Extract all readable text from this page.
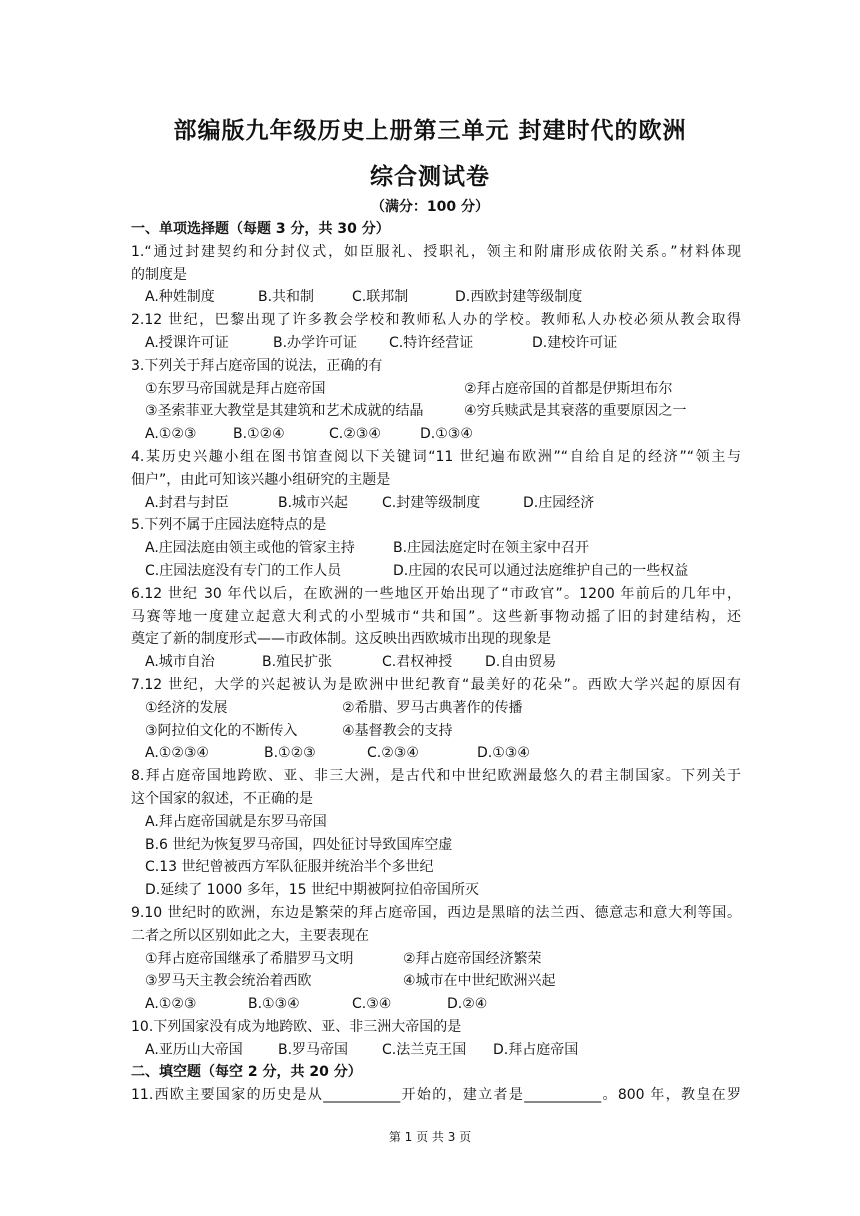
部编版九年级历史上册第三单元 封建时代的欧洲
综合测试卷
（满分：100 分）
一、单项选择题（每题 3 分，共 30 分）
1.“通过封建契约和分封仪式，如臣服礼、授职礼，领主和附庸形成依附关系。”材料体现
的制度是
A.种姓制度	B.共和制	C.联邦制	D.西欧封建等级制度
2.12 世纪，巴黎出现了许多教会学校和教师私人办的学校。教师私人办校必须从教会取得
A.授课许可证	B.办学许可证 C.特许经营证	D.建校许可证
3.下列关于拜占庭帝国的说法，正确的有
①东罗马帝国就是拜占庭帝国	②拜占庭帝国的首都是伊斯坦布尔
③圣索菲亚大教堂是其建筑和艺术成就的结晶	④穷兵赎武是其衰落的重要原因之一
A.①②③	B.①②④	C.②③④	D.①③④
4.某历史兴趣小组在图书馆查阅以下关键词“11 世纪遍布欧洲”“自给自足的经济”“领主与
佃户”，由此可知该兴趣小组研究的主题是
A.封君与封臣	B.城市兴起 C.封建等级制度	D.庄园经济
5.下列不属于庄园法庭特点的是
A.庄园法庭由领主或他的管家主持	B.庄园法庭定时在领主家中召开
C.庄园法庭没有专门的工作人员	D.庄园的农民可以通过法庭维护自己的一些权益
6.12 世纪 30 年代以后，在欧洲的一些地区开始出现了“市政官”。1200 年前后的几年中，
马赛等地一度建立起意大利式的小型城市“共和国”。这些新事物动摇了旧的封建结构，还
奠定了新的制度形式——市政体制。这反映出西欧城市出现的现象是
A.城市自治	B.殖民扩张	C.君权神授 D.自由贸易
7.12 世纪，大学的兴起被认为是欧洲中世纪教育“最美好的花朵”。西欧大学兴起的原因有
①经济的发展	②希腊、罗马古典著作的传播
③阿拉伯文化的不断传入	④基督教会的支持
A.①②③④	B.①②③	C.②③④	D.①③④
8.拜占庭帝国地跨欧、亚、非三大洲，是古代和中世纪欧洲最悠久的君主制国家。下列关于
这个国家的叙述，不正确的是
A.拜占庭帝国就是东罗马帝国
B.6 世纪为恢复罗马帝国，四处征讨导致国库空虚
C.13 世纪曾被西方军队征服并统治半个多世纪
D.延续了 1000 多年，15 世纪中期被阿拉伯帝国所灭
9.10 世纪时的欧洲，东边是繁荣的拜占庭帝国，西边是黑暗的法兰西、德意志和意大利等国。
二者之所以区别如此之大，主要表现在
①拜占庭帝国继承了希腊罗马文明	②拜占庭帝国经济繁荣
③罗马天主教会统治着西欧	④城市在中世纪欧洲兴起
A.①②③	B.①③④	C.③④	D.②④
10.下列国家没有成为地跨欧、亚、非三洲大帝国的是
A.亚历山大帝国	B.罗马帝国 C.法兰克王国 D.拜占庭帝国
二、填空题（每空 2 分，共 20 分）
11.西欧主要国家的历史是从___________开始的，建立者是___________。800 年，教皇在罗
第 1 页 共 3 页
